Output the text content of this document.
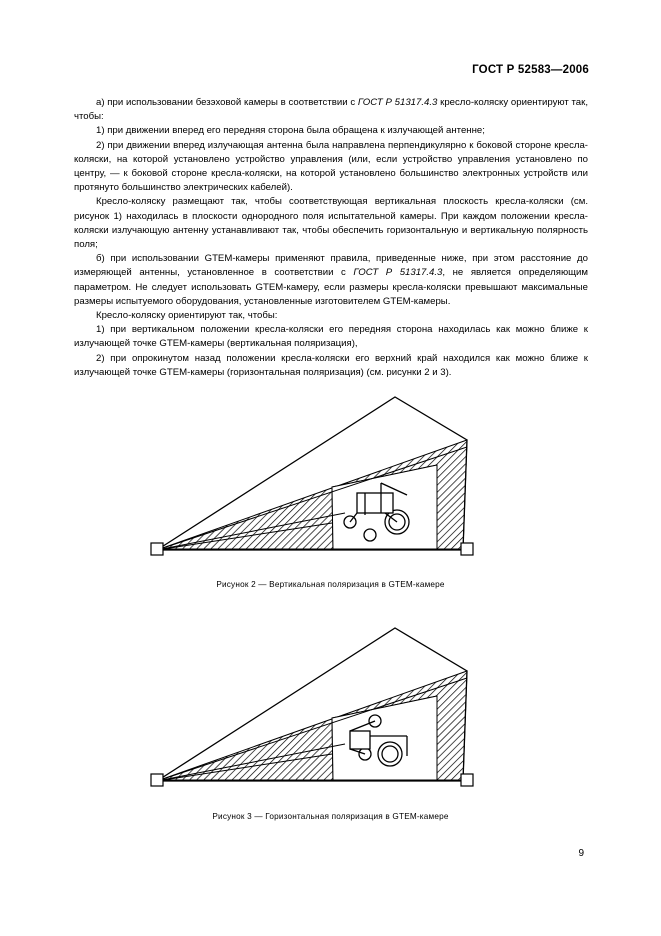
ГОСТ Р 52583—2006

а) при использовании безэховой камеры в соответствии с ГОСТ Р 51317.4.3 кресло-коляску ориентируют так, чтобы:

1) при движении вперед его передняя сторона была обращена к излучающей антенне;

2) при движении вперед излучающая антенна была направлена перпендикулярно к боковой стороне кресла-коляски, на которой установлено устройство управления (или, если устройство управления установлено по центру, — к боковой стороне кресла-коляски, на которой установлено большинство электронных устройств или протянуто большинство электрических кабелей).

Кресло-коляску размещают так, чтобы соответствующая вертикальная плоскость кресла-коляски (см. рисунок 1) находилась в плоскости однородного поля испытательной камеры. При каждом положении кресла-коляски излучающую антенну устанавливают так, чтобы обеспечить горизонтальную и вертикальную полярность поля;

б) при использовании GTEM-камеры применяют правила, приведенные ниже, при этом расстояние до измеряющей антенны, установленное в соответствии с ГОСТ Р 51317.4.3, не является определяющим параметром. Не следует использовать GTEM-камеру, если размеры кресла-коляски превышают максимальные размеры испытуемого оборудования, установленные изготовителем GTEM-камеры.

Кресло-коляску ориентируют так, чтобы:

1) при вертикальном положении кресла-коляски его передняя сторона находилась как можно ближе к излучающей точке GTEM-камеры (вертикальная поляризация),

2) при опрокинутом назад положении кресла-коляски его верхний край находился как можно ближе к излучающей точке GTEM-камеры (горизонтальная поляризация) (см. рисунки 2 и 3).

Рисунок 2 — Вертикальная поляризация в GTEM-камере
Рисунок 3 — Горизонтальная поляризация в GTEM-камере
9
